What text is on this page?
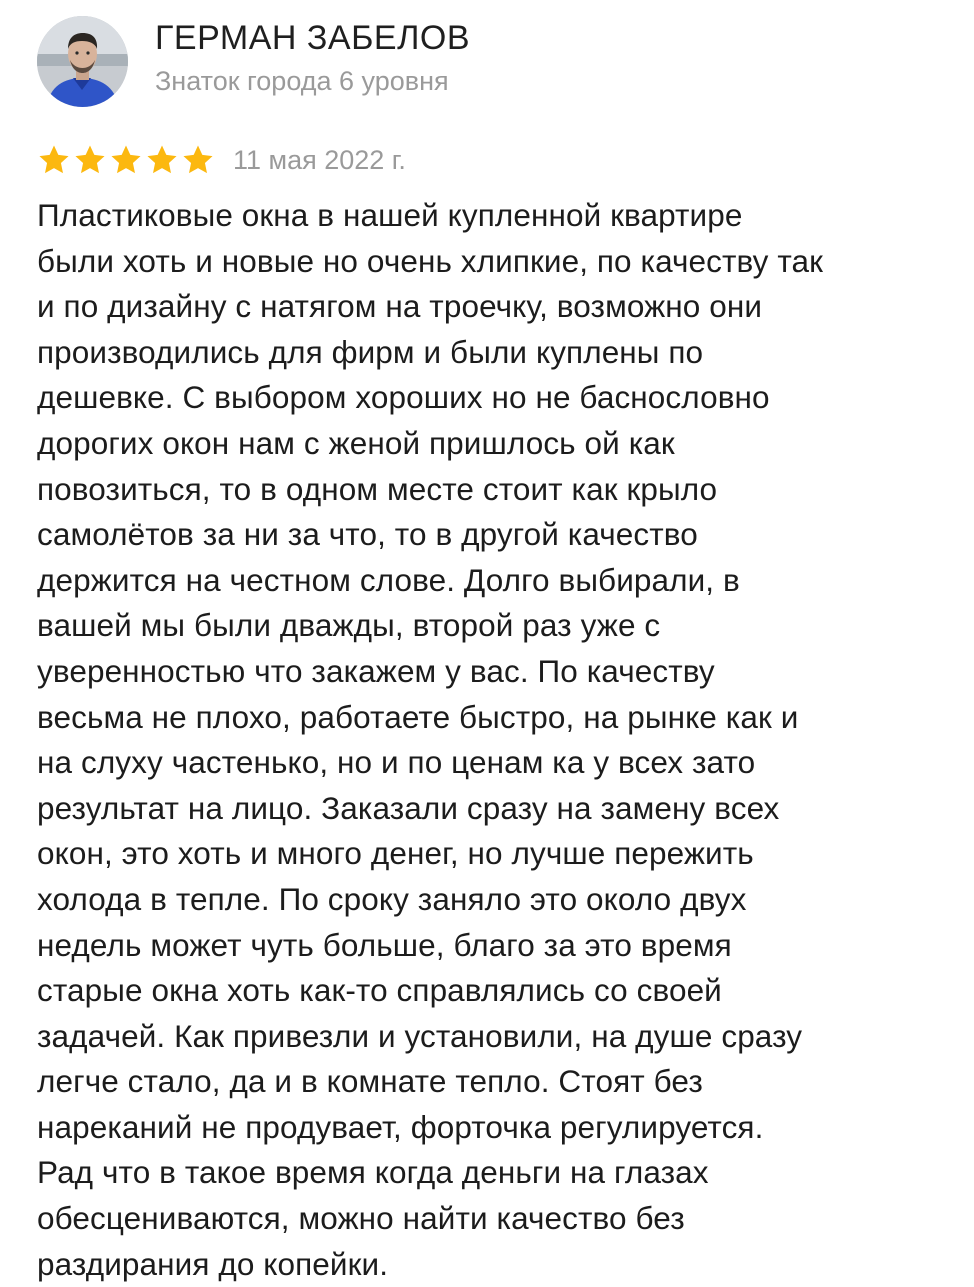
ГЕРМАН ЗАБЕЛОВ
Знаток города 6 уровня
11 мая 2022 г.
Пластиковые окна в нашей купленной квартире
были хоть и новые но очень хлипкие, по качеству так
и по дизайну с натягом на троечку, возможно они
производились для фирм и были куплены по
дешевке. С выбором хороших но не баснословно
дорогих окон нам с женой пришлось ой как
повозиться, то в одном месте стоит как крыло
самолётов за ни за что, то в другой качество
держится на честном слове. Долго выбирали, в
вашей мы были дважды, второй раз уже с
уверенностью что закажем у вас. По качеству
весьма не плохо, работаете быстро, на рынке как и
на слуху частенько, но и по ценам ка у всех зато
результат на лицо. Заказали сразу на замену всех
окон, это хоть и много денег, но лучше пережить
холода в тепле. По сроку заняло это около двух
недель может чуть больше, благо за это время
старые окна хоть как-то справлялись со своей
задачей. Как привезли и установили, на душе сразу
легче стало, да и в комнате тепло. Стоят без
нареканий не продувает, форточка регулируется.
Рад что в такое время когда деньги на глазах
обесцениваются, можно найти качество без
раздирания до копейки.
